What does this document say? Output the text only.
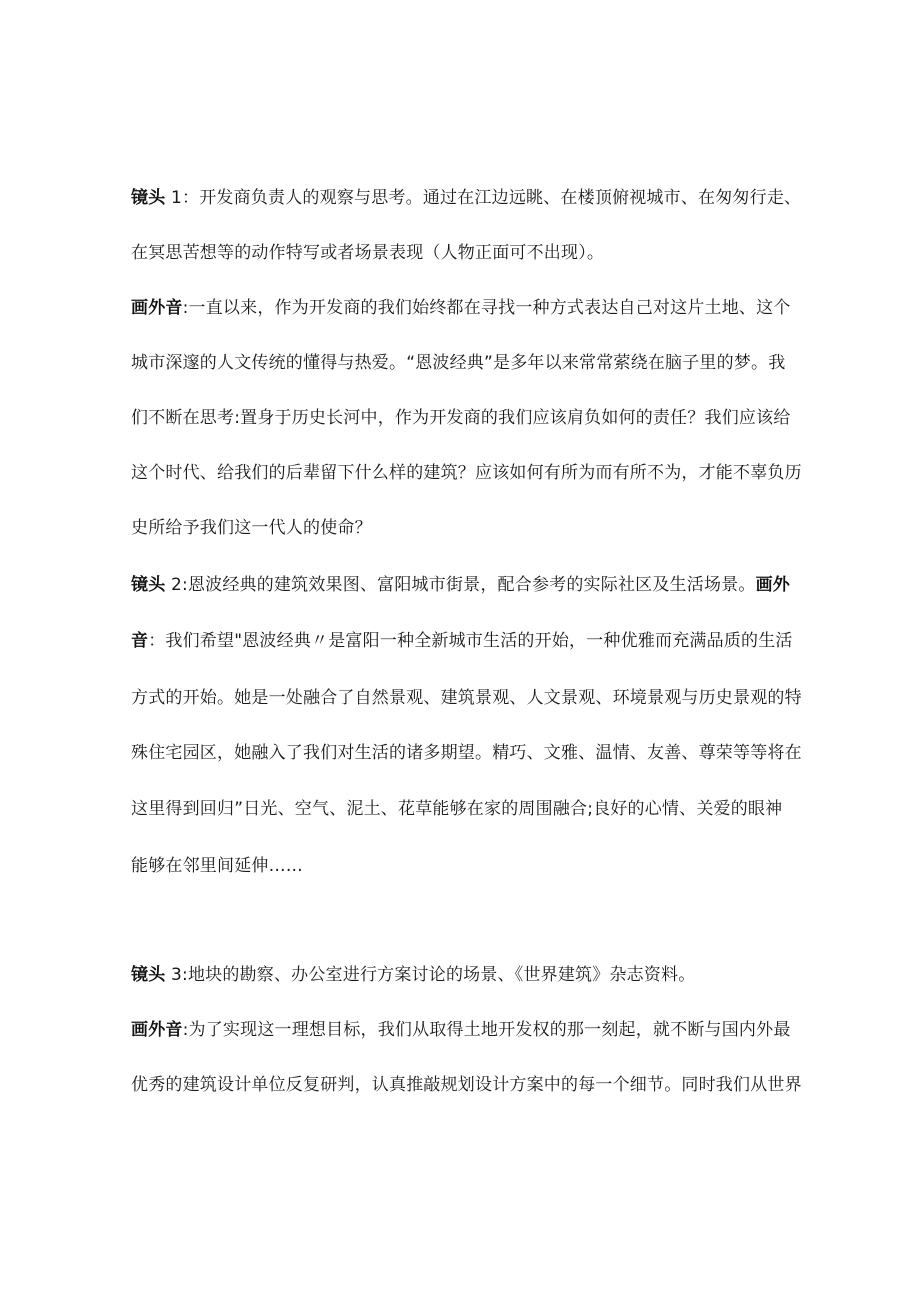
镜头 1：开发商负责人的观察与思考。通过在江边远眺、在楼顶俯视城市、在匆匆行走、
在冥思苦想等的动作特写或者场景表现（人物正面可不出现）。
画外音:一直以来，作为开发商的我们始终都在寻找一种方式表达自己对这片土地、这个
城市深邃的人文传统的懂得与热爱。“恩波经典”是多年以来常常萦绕在脑子里的梦。我
们不断在思考:置身于历史长河中，作为开发商的我们应该肩负如何的责任？我们应该给
这个时代、给我们的后辈留下什么样的建筑？应该如何有所为而有所不为，才能不辜负历
史所给予我们这一代人的使命？
镜头 2:恩波经典的建筑效果图、富阳城市街景，配合参考的实际社区及生活场景。画外
音：我们希望"恩波经典〃是富阳一种全新城市生活的开始，一种优雅而充满品质的生活
方式的开始。她是一处融合了自然景观、建筑景观、人文景观、环境景观与历史景观的特
殊住宅园区，她融入了我们对生活的诸多期望。精巧、文雅、温情、友善、尊荣等等将在
这里得到回归”日光、空气、泥土、花草能够在家的周围融合;良好的心情、关爱的眼神
能够在邻里间延伸……
镜头 3:地块的勘察、办公室进行方案讨论的场景、《世界建筑》杂志资料。
画外音:为了实现这一理想目标，我们从取得土地开发权的那一刻起，就不断与国内外最
优秀的建筑设计单位反复研判，认真推敲规划设计方案中的每一个细节。同时我们从世界
